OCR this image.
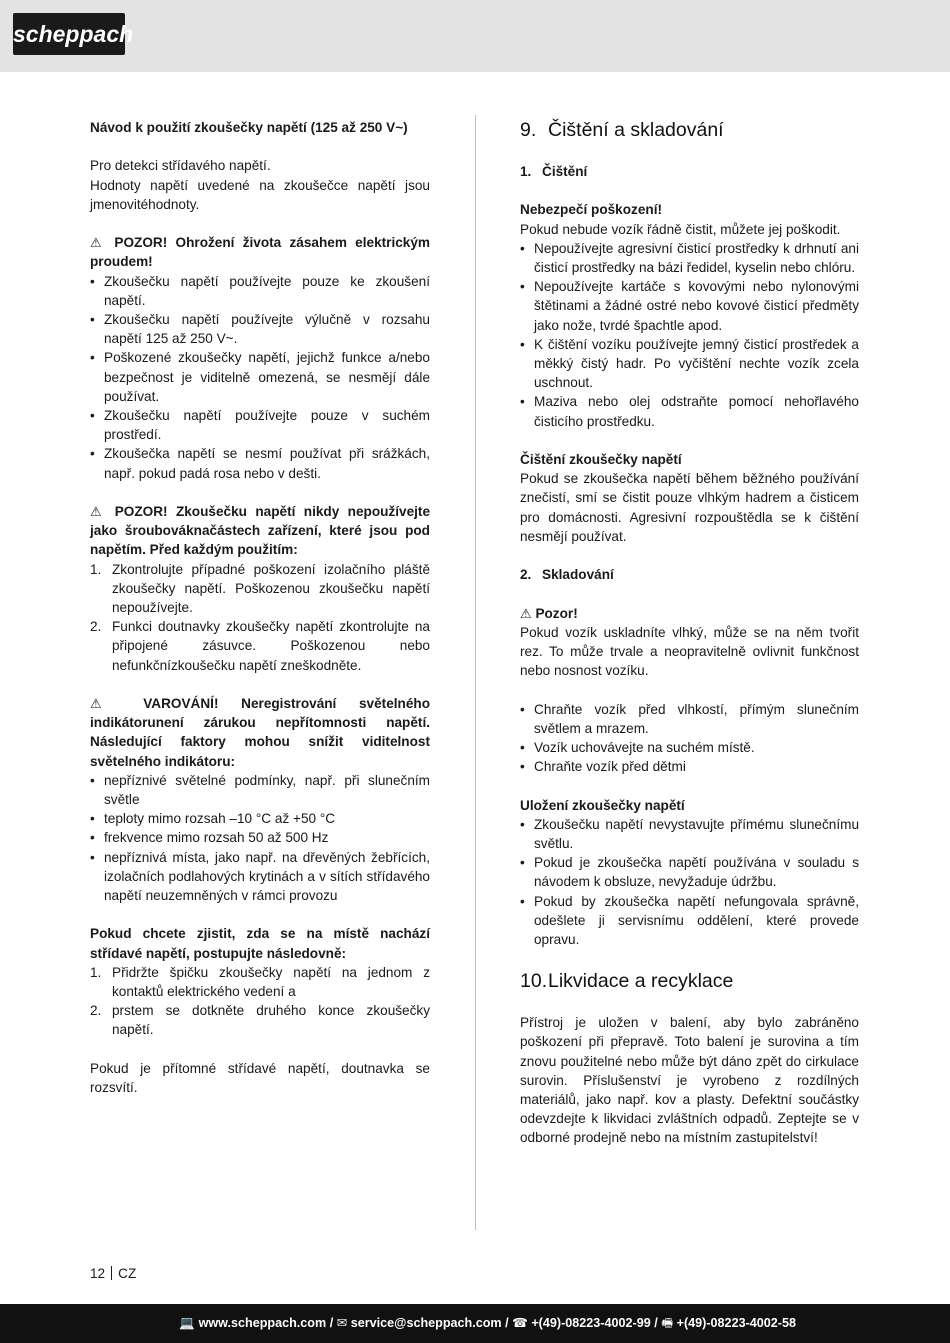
scheppach

Návod k použití zkoušečky napětí (125 až 250 V~)

Pro detekci střídavého napětí.

Hodnoty napětí uvedené na zkoušečce napětí jsou jmenovitéhodnoty.

⚠ POZOR! Ohrožení života zásahem elektrickým proudem!

• Zkoušečku napětí používejte pouze ke zkoušení napětí.
• Zkoušečku napětí používejte výlučně v rozsahu napětí 125 až 250 V~.
• Poškozené zkoušečky napětí, jejichž funkce a/nebo bezpečnost je viditelně omezená, se nesmějí dále používat.
• Zkoušečku napětí používejte pouze v suchém prostředí.
• Zkoušečka napětí se nesmí používat při srážkách, např. pokud padá rosa nebo v dešti.

⚠ POZOR! Zkoušečku napětí nikdy nepoužívejte jako šroubováknačástech zařízení, které jsou pod napětím. Před každým použitím:

1. Zkontrolujte případné poškození izolačního pláště zkoušečky napětí. Poškozenou zkoušečku napětí nepoužívejte.
2. Funkci doutnavky zkoušečky napětí zkontrolujte na připojené zásuvce. Poškozenou nebo nefunkčnízkoušečku napětí zneškodněte.

⚠ VAROVÁNÍ! Neregistrování světelného indikátorunení zárukou nepřítomnosti napětí. Následující faktory mohou snížit viditelnost světelného indikátoru:

• nepříznivé světelné podmínky, např. při slunečním světle
• teploty mimo rozsah –10 °C až +50 °C
• frekvence mimo rozsah 50 až 500 Hz
• nepříznivá místa, jako např. na dřevěných žebřících, izolačních podlahových krytinách a v sítích střídavého napětí neuzemněných v rámci provozu

Pokud chcete zjistit, zda se na místě nachází střídavé napětí, postupujte následovně:

1. Přidržte špičku zkoušečky napětí na jednom z kontaktů elektrického vedení a
2. prstem se dotkněte druhého konce zkoušečky napětí.

Pokud je přítomné střídavé napětí, doutnavka se rozsvítí.

9. Čištění a skladování

1. Čištění

Nebezpečí poškození!

Pokud nebude vozík řádně čistit, můžete jej poškodit.

• Nepoužívejte agresivní čisticí prostředky k drhnutí ani čisticí prostředky na bázi ředidel, kyselin nebo chlóru.
• Nepoužívejte kartáče s kovovými nebo nylonovými štětinami a žádné ostré nebo kovové čisticí předměty jako nože, tvrdé špachtle apod.
• K čištění vozíku používejte jemný čisticí prostředek a měkký čistý hadr. Po vyčištění nechte vozík zcela uschnout.
• Maziva nebo olej odstraňte pomocí nehořlavého čisticího prostředku.

Čištění zkoušečky napětí

Pokud se zkoušečka napětí během běžného používání znečistí, smí se čistit pouze vlhkým hadrem a čisticem pro domácnosti. Agresivní rozpouštědla se k čištění nesmějí používat.

2. Skladování

⚠ Pozor!

Pokud vozík uskladníte vlhký, může se na něm tvořit rez. To může trvale a neopravitelně ovlivnit funkčnost nebo nosnost vozíku.

• Chraňte vozík před vlhkostí, přímým slunečním světlem a mrazem.
• Vozík uchovávejte na suchém místě.
• Chraňte vozík před dětmi

Uložení zkoušečky napětí

• Zkoušečku napětí nevystavujte přímému slunečnímu světlu.
• Pokud je zkoušečka napětí používána v souladu s návodem k obsluze, nevyžaduje údržbu.
• Pokud by zkoušečka napětí nefungovala správně, odešlete ji servisnímu oddělení, které provede opravu.
10.Likvidace a recyklace

Přístroj je uložen v balení, aby bylo zabráněno poškození při přepravě. Toto balení je surovina a tím znovu použitelné nebo může být dáno zpět do cirkulace surovin. Příslušenství je vyrobeno z rozdílných materiálů, jako např. kov a plasty. Defektní součástky odevzdejte k likvidaci zvláštních odpadů. Zeptejte se v odborné prodejně nebo na místním zastupitelství!

12 CZ
💻 www.scheppach.com / ✉ service@scheppach.com / ☎ +(49)-08223-4002-99 / 🖷 +(49)-08223-4002-58
